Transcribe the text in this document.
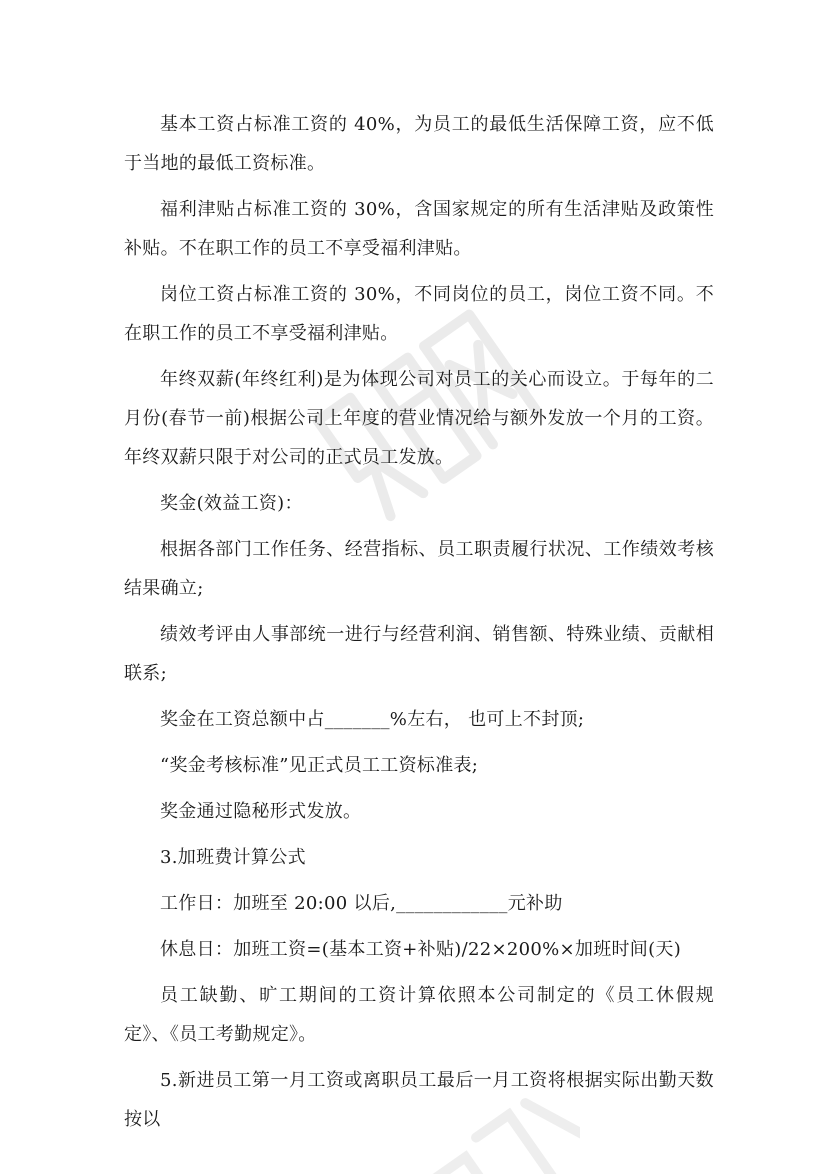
基本工资占标准工资的 40%，为员工的最低生活保障工资，应不低于当地的最低工资标准。

福利津贴占标准工资的 30%，含国家规定的所有生活津贴及政策性补贴。不在职工作的员工不享受福利津贴。

岗位工资占标准工资的 30%，不同岗位的员工，岗位工资不同。不在职工作的员工不享受福利津贴。

年终双薪(年终红利)是为体现公司对员工的关心而设立。于每年的二月份(春节一前)根据公司上年度的营业情况给与额外发放一个月的工资。年终双薪只限于对公司的正式员工发放。

奖金(效益工资)：

根据各部门工作任务、经营指标、员工职责履行状况、工作绩效考核结果确立;

绩效考评由人事部统一进行与经营利润、销售额、特殊业绩、贡献相联系;

奖金在工资总额中占_______%左右， 也可上不封顶;

“奖金考核标准”见正式员工工资标准表;

奖金通过隐秘形式发放。

3.加班费计算公式

工作日：加班至 20:00 以后,____________元补助

休息日：加班工资=(基本工资+补贴)/22×200%×加班时间(天)

员工缺勤、旷工期间的工资计算依照本公司制定的《员工休假规定》、《员工考勤规定》。

5.新进员工第一月工资或离职员工最后一月工资将根据实际出勤天数按以
